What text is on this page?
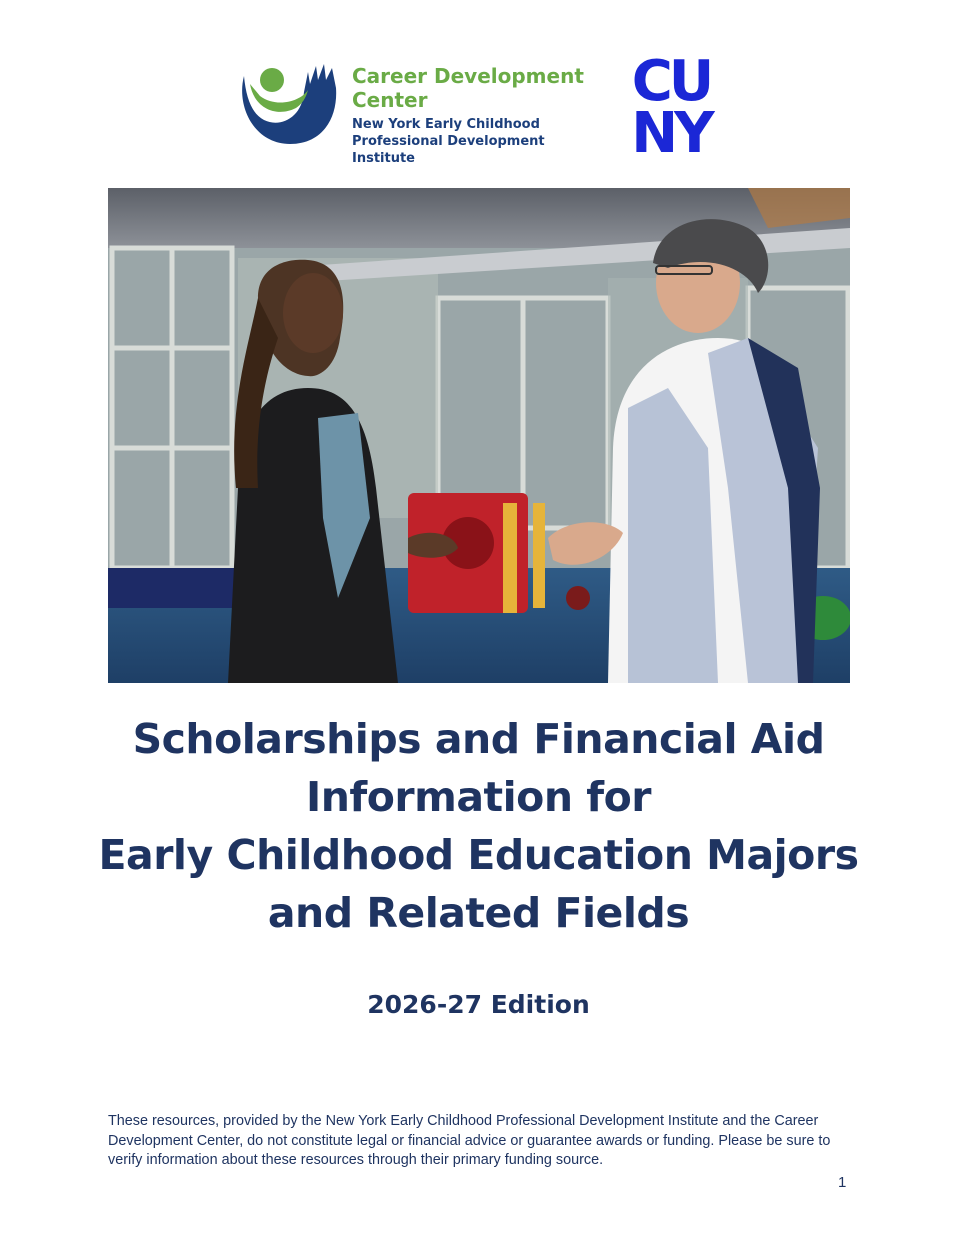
Career Development Center

New York Early Childhood
Professional Development Institute

CU
NY
Scholarships and Financial Aid
Information for
Early Childhood Education Majors
and Related Fields
2026-27 Edition
These resources, provided by the New York Early Childhood Professional Development Institute and the Career Development Center, do not constitute legal or financial advice or guarantee awards or funding. Please be sure to verify information about these resources through their primary funding source.
1
